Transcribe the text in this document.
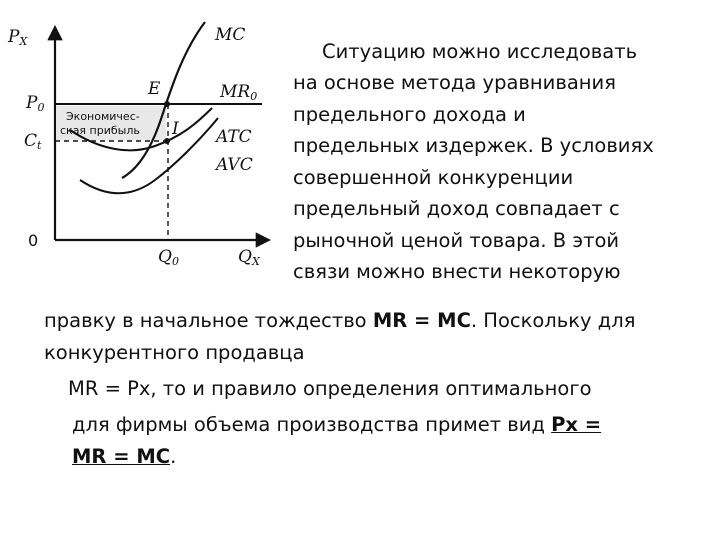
PX	MC
E	MR0
P0
Ct
I ATC
AVC
0
Q0	QX
Экономичес-
ская прибыль
Ситуацию можно исследовать
на основе метода уравнивания
предельного дохода и
предельных издержек. В условиях
совершенной конкуренции
предельный доход совпадает с
рыночной ценой товара. В этой
связи можно внести некоторую
правку в начальное тождество MR = MC. Поскольку для
конкурентного продавца
MR = Px, то и правило определения оптимального
для фирмы объема производства примет вид Px =
MR = MC.
